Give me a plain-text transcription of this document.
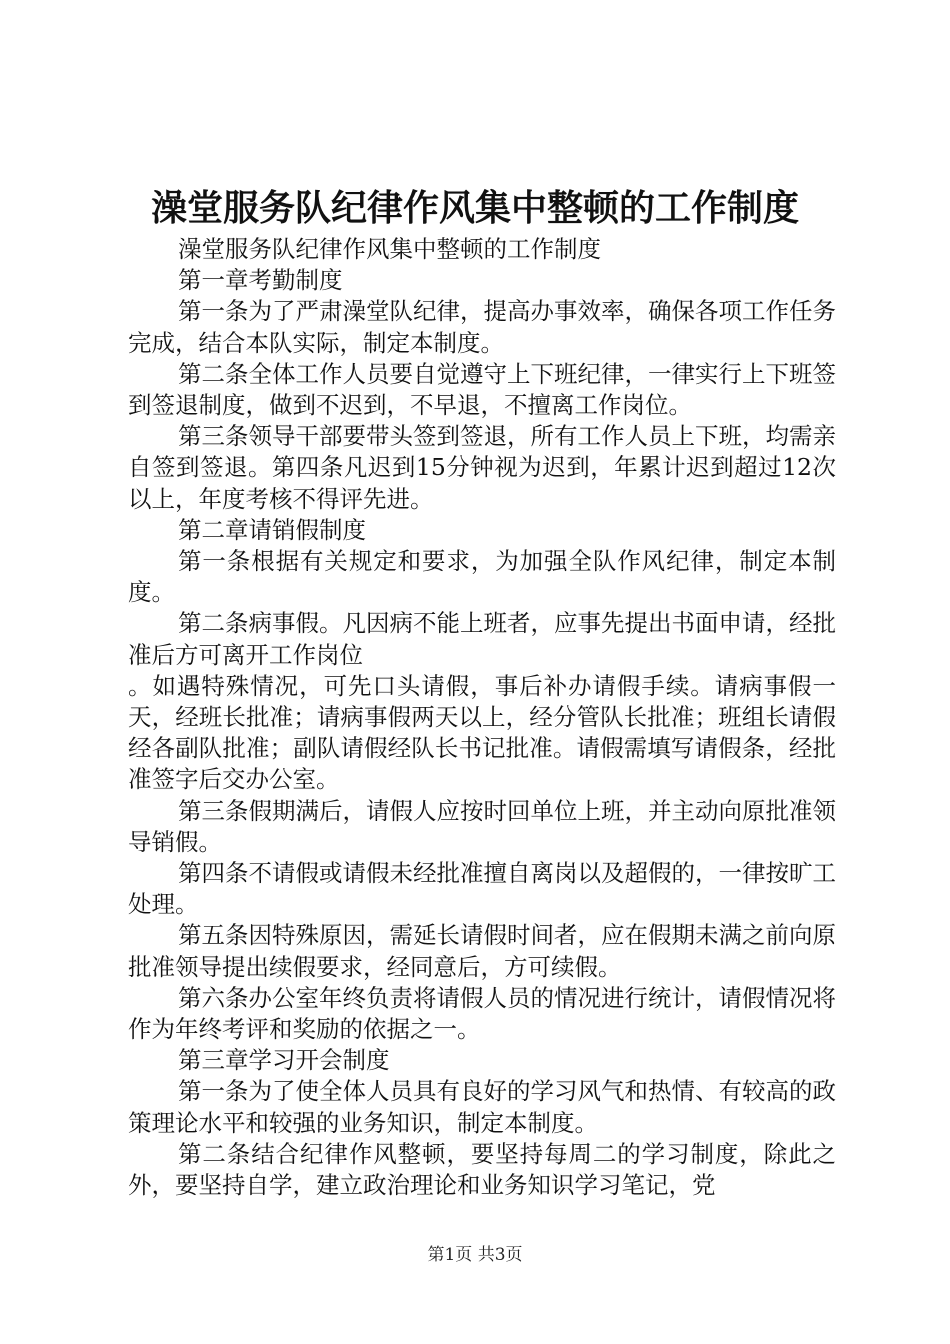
澡堂服务队纪律作风集中整顿的工作制度

澡堂服务队纪律作风集中整顿的工作制度

第一章考勤制度

第一条为了严肃澡堂队纪律，提高办事效率，确保各项工作任务完成，结合本队实际，制定本制度。

第二条全体工作人员要自觉遵守上下班纪律，一律实行上下班签到签退制度，做到不迟到，不早退，不擅离工作岗位。

第三条领导干部要带头签到签退，所有工作人员上下班，均需亲自签到签退。第四条凡迟到15分钟视为迟到，年累计迟到超过12次以上，年度考核不得评先进。

第二章请销假制度

第一条根据有关规定和要求，为加强全队作风纪律，制定本制度。

第二条病事假。凡因病不能上班者，应事先提出书面申请，经批准后方可离开工作岗位

。如遇特殊情况，可先口头请假，事后补办请假手续。请病事假一天，经班长批准；请病事假两天以上，经分管队长批准；班组长请假经各副队批准；副队请假经队长书记批准。请假需填写请假条，经批准签字后交办公室。

第三条假期满后，请假人应按时回单位上班，并主动向原批准领导销假。

第四条不请假或请假未经批准擅自离岗以及超假的，一律按旷工处理。

第五条因特殊原因，需延长请假时间者，应在假期未满之前向原批准领导提出续假要求，经同意后，方可续假。

第六条办公室年终负责将请假人员的情况进行统计，请假情况将作为年终考评和奖励的依据之一。

第三章学习开会制度

第一条为了使全体人员具有良好的学习风气和热情、有较高的政策理论水平和较强的业务知识，制定本制度。

第二条结合纪律作风整顿，要坚持每周二的学习制度，除此之外，要坚持自学，建立政治理论和业务知识学习笔记，党

第1页 共3页
